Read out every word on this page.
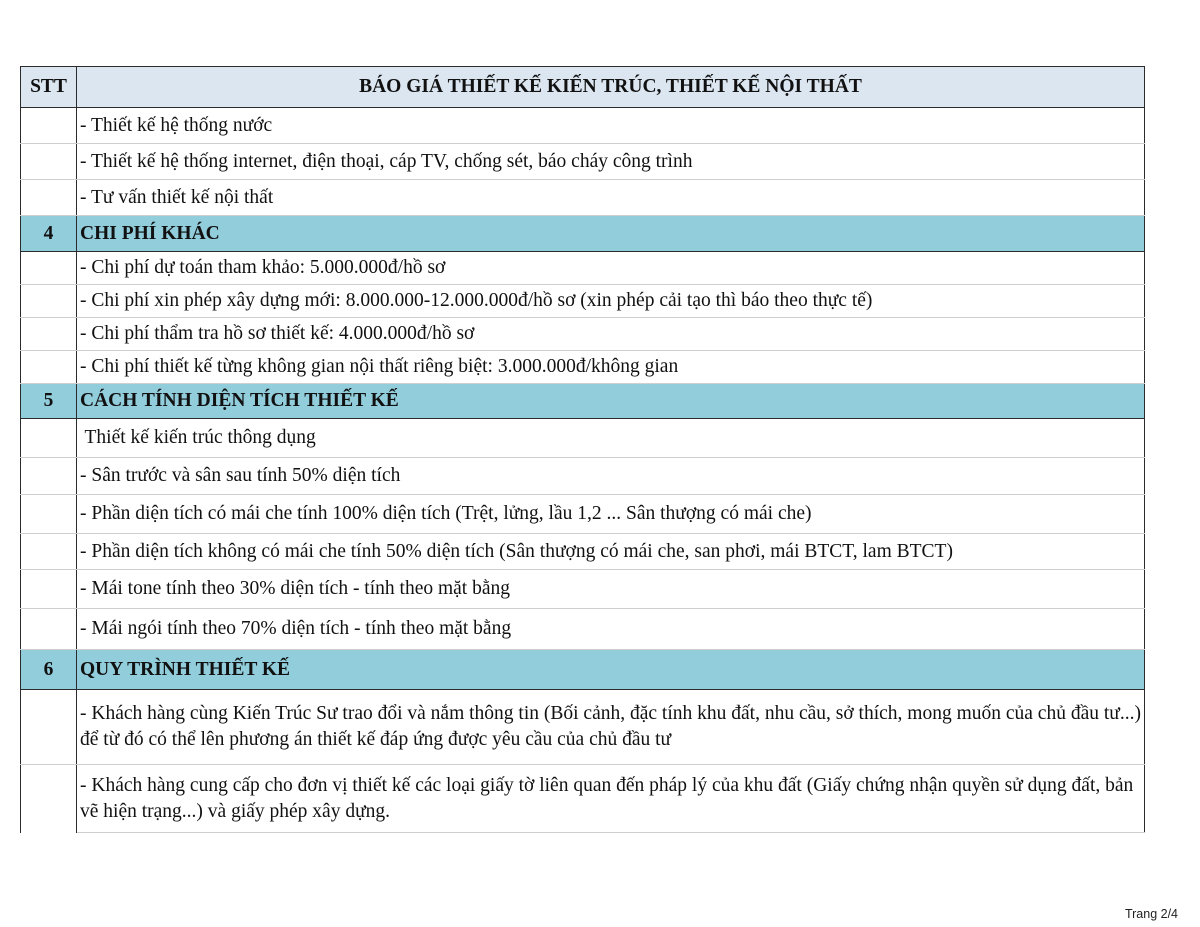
STT	BÁO GIÁ THIẾT KẾ KIẾN TRÚC, THIẾT KẾ NỘI THẤT
	- Thiết kế hệ thống nước
	- Thiết kế hệ thống internet, điện thoại, cáp TV, chống sét, báo cháy công trình
	- Tư vấn thiết kế nội thất
4	CHI PHÍ KHÁC
	- Chi phí dự toán tham khảo: 5.000.000đ/hồ sơ
	- Chi phí xin phép xây dựng mới: 8.000.000-12.000.000đ/hồ sơ (xin phép cải tạo thì báo theo thực tế)
	- Chi phí thẩm tra hồ sơ thiết kế: 4.000.000đ/hồ sơ
	- Chi phí thiết kế từng không gian nội thất riêng biệt: 3.000.000đ/không gian
5	CÁCH TÍNH DIỆN TÍCH THIẾT KẾ
	Thiết kế kiến trúc thông dụng
	- Sân trước và sân sau tính 50% diện tích
	- Phần diện tích có mái che tính 100% diện tích (Trệt, lửng, lầu 1,2 ... Sân thượng có mái che)
	- Phần diện tích không có mái che tính 50% diện tích (Sân thượng có mái che, san phơi, mái BTCT, lam BTCT)
	- Mái tone tính theo 30% diện tích - tính theo mặt bằng
	- Mái ngói tính theo 70% diện tích - tính theo mặt bằng
6	QUY TRÌNH THIẾT KẾ
	- Khách hàng cùng Kiến Trúc Sư trao đổi và nắm thông tin (Bối cảnh, đặc tính khu đất, nhu cầu, sở thích, mong muốn của chủ đầu tư...) để từ đó có thể lên phương án thiết kế đáp ứng được yêu cầu của chủ đầu tư
	- Khách hàng cung cấp cho đơn vị thiết kế các loại giấy tờ liên quan đến pháp lý của khu đất (Giấy chứng nhận quyền sử dụng đất, bản vẽ hiện trạng...) và giấy phép xây dựng.
Trang 2/4
